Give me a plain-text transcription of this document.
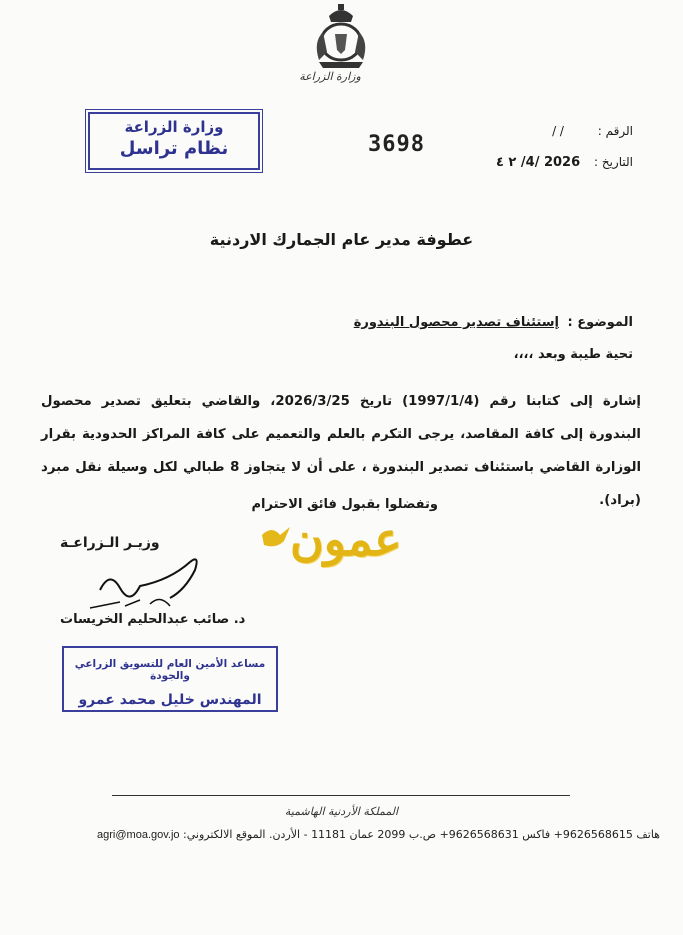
وزارة الزراعة
وزارة الزراعة
نظام تراسل	3698
الرقم : / /
التاريخ : 2026 /4/ ٢ ٤
عطوفة مدير عام الجمارك الاردنية
الموضوع : إستئناف تصدير محصول البندورة
تحية طيبة وبعد ،،،،
إشارة إلى كتابنا رقم (1997/1/4) تاريخ 2026/3/25، والقاضي بتعليق تصدير محصول البندورة إلى كافة المقاصد، يرجى التكرم بالعلم والتعميم على كافة المراكز الحدودية بقرار الوزارة القاضي باستئناف تصدير البندورة ، على أن لا يتجاوز 8 طبالي لكل وسيلة نقل مبرد (براد).
وتفضلوا بقبول فائق الاحترام
وزيـر الـزراعـة
د. صائب عبدالحليم الخريسات
عمون
مساعد الأمين العام للتسويق الزراعي والجودة
المهندس خليل محمد عمرو
المملكة الأردنية الهاشمية
هاتف 9626568615+ فاكس 9626568631+ ص.ب 2099 عمان 11181 - الأردن. الموقع الالكتروني: agri@moa.gov.jo
